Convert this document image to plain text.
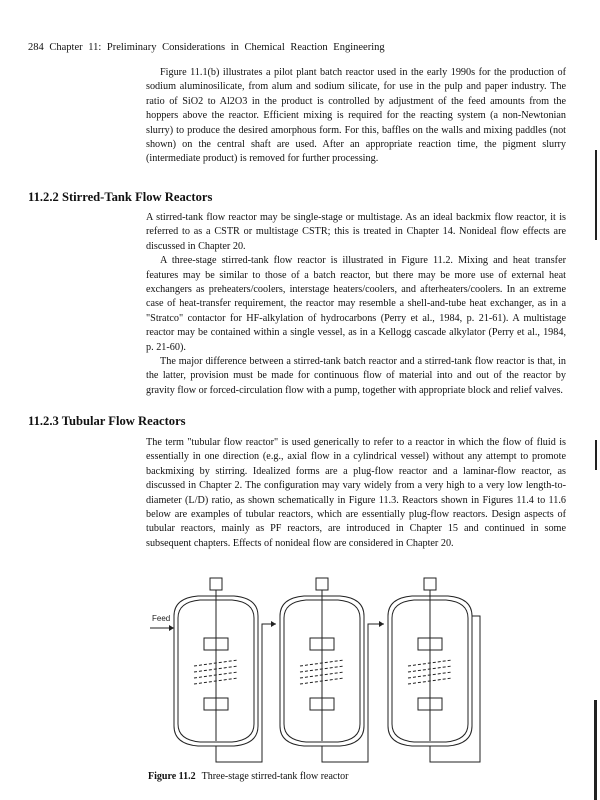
284 Chapter 11: Preliminary Considerations in Chemical Reaction Engineering

Figure 11.1(b) illustrates a pilot plant batch reactor used in the early 1990s for the production of sodium aluminosilicate, from alum and sodium silicate, for use in the pulp and paper industry. The ratio of SiO2 to Al2O3 in the product is controlled by adjustment of the feed amounts from the hoppers above the reactor. Efficient mixing is required for the reacting system (a non-Newtonian slurry) to produce the desired amorphous form. For this, baffles on the walls and mixing paddles (not shown) on the central shaft are used. After an appropriate reaction time, the pigment slurry (intermediate product) is removed for further processing.

11.2.2 Stirred-Tank Flow Reactors

A stirred-tank flow reactor may be single-stage or multistage. As an ideal backmix flow reactor, it is referred to as a CSTR or multistage CSTR; this is treated in Chapter 14. Nonideal flow effects are discussed in Chapter 20.

A three-stage stirred-tank flow reactor is illustrated in Figure 11.2. Mixing and heat transfer features may be similar to those of a batch reactor, but there may be more use of external heat exchangers as preheaters/coolers, interstage heaters/coolers, and afterheaters/coolers. In an extreme case of heat-transfer requirement, the reactor may resemble a shell-and-tube heat exchanger, as in a "Stratco" contactor for HF-alkylation of hydrocarbons (Perry et al., 1984, p. 21-61). A multistage reactor may be contained within a single vessel, as in a Kellogg cascade alkylator (Perry et al., 1984, p. 21-60).

The major difference between a stirred-tank batch reactor and a stirred-tank flow reactor is that, in the latter, provision must be made for continuous flow of material into and out of the reactor by gravity flow or forced-circulation flow with a pump, together with appropriate block and relief valves.

11.2.3 Tubular Flow Reactors

The term "tubular flow reactor" is used generically to refer to a reactor in which the flow of fluid is essentially in one direction (e.g., axial flow in a cylindrical vessel) without any attempt to promote backmixing by stirring. Idealized forms are a plug-flow reactor and a laminar-flow reactor, as discussed in Chapter 2. The configuration may vary widely from a very high to a very low length-to-diameter (L/D) ratio, as shown schematically in Figure 11.3. Reactors shown in Figures 11.4 to 11.6 below are examples of tubular reactors, which are essentially plug-flow reactors. Design aspects of tubular reactors, mainly as PF reactors, are introduced in Chapter 15 and continued in some subsequent chapters. Effects of nonideal flow are considered in Chapter 20.

Feed
Figure 11.2 Three-stage stirred-tank flow reactor
